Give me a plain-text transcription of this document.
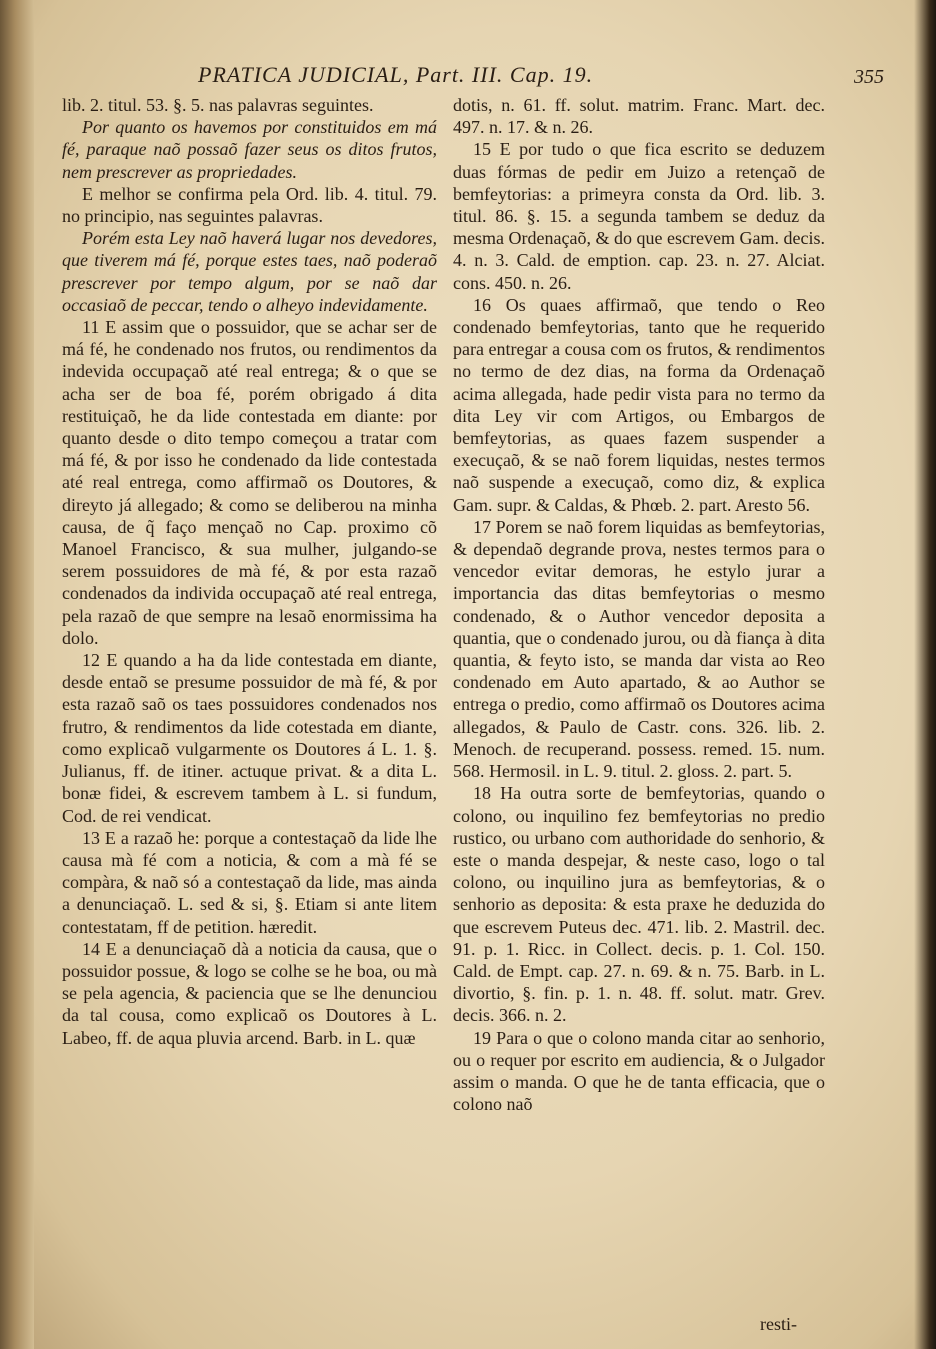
PRATICA JUDICIAL, Part. III. Cap. 19.	355

lib. 2. titul. 53. §. 5. nas palavras seguintes.

Por quanto os havemos por constituidos em má fé, paraque naõ possaõ fazer seus os ditos frutos, nem prescrever as propriedades.

E melhor se confirma pela Ord. lib. 4. titul. 79. no principio, nas seguintes palavras.

Porém esta Ley naõ haverá lugar nos devedores, que tiverem má fé, porque estes taes, naõ poderaõ prescrever por tempo algum, por se naõ dar occasiaõ de peccar, tendo o alheyo indevidamente.

11 E assim que o possuidor, que se achar ser de má fé, he condenado nos frutos, ou rendimentos da indevida occupaçaõ até real entrega; & o que se acha ser de boa fé, porém obrigado á dita restituiçaõ, he da lide contestada em diante: por quanto desde o dito tempo começou a tratar com má fé, & por isso he condenado da lide contestada até real entrega, como affirmaõ os Doutores, & direyto já allegado; & como se deliberou na minha causa, de q̃ faço mençaõ no Cap. proximo cõ Manoel Francisco, & sua mulher, julgando-se serem possuidores de mà fé, & por esta razaõ condenados da individa occupaçaõ até real entrega, pela razaõ de que sempre na lesaõ enormissima ha dolo.

12 E quando a ha da lide contestada em diante, desde entaõ se presume possuidor de mà fé, & por esta razaõ saõ os taes possuidores condenados nos frutro, & rendimentos da lide cotestada em diante, como explicaõ vulgarmente os Doutores á L. 1. §. Julianus, ff. de itiner. actuque privat. & a dita L. bonæ fidei, & escrevem tambem à L. si fundum, Cod. de rei vendicat.

13 E a razaõ he: porque a contestaçaõ da lide lhe causa mà fé com a noticia, & com a mà fé se compàra, & naõ só a contestaçaõ da lide, mas ainda a denunciaçaõ. L. sed & si, §. Etiam si ante litem contestatam, ff de petition. hæredit.

14 E a denunciaçaõ dà a noticia da causa, que o possuidor possue, & logo se colhe se he boa, ou mà se pela agencia, & paciencia que se lhe denunciou da tal cousa, como explicaõ os Doutores à L. Labeo, ff. de aqua pluvia arcend. Barb. in L. quæ

dotis, n. 61. ff. solut. matrim. Franc. Mart. dec. 497. n. 17. & n. 26.

15 E por tudo o que fica escrito se deduzem duas fórmas de pedir em Juizo a retençaõ de bemfeytorias: a primeyra consta da Ord. lib. 3. titul. 86. §. 15. a segunda tambem se deduz da mesma Ordenaçaõ, & do que escrevem Gam. decis. 4. n. 3. Cald. de emption. cap. 23. n. 27. Alciat. cons. 450. n. 26.

16 Os quaes affirmaõ, que tendo o Reo condenado bemfeytorias, tanto que he requerido para entregar a cousa com os frutos, & rendimentos no termo de dez dias, na forma da Ordenaçaõ acima allegada, hade pedir vista para no termo da dita Ley vir com Artigos, ou Embargos de bemfeytorias, as quaes fazem suspender a execuçaõ, & se naõ forem liquidas, nestes termos naõ suspende a execuçaõ, como diz, & explica Gam. supr. & Caldas, & Phœb. 2. part. Aresto 56.

17 Porem se naõ forem liquidas as bemfeytorias, & dependaõ degrande prova, nestes termos para o vencedor evitar demoras, he estylo jurar a importancia das ditas bemfeytorias o mesmo condenado, & o Author vencedor deposita a quantia, que o condenado jurou, ou dà fiança à dita quantia, & feyto isto, se manda dar vista ao Reo condenado em Auto apartado, & ao Author se entrega o predio, como affirmaõ os Doutores acima allegados, & Paulo de Castr. cons. 326. lib. 2. Menoch. de recuperand. possess. remed. 15. num. 568. Hermosil. in L. 9. titul. 2. gloss. 2. part. 5.

18 Ha outra sorte de bemfeytorias, quando o colono, ou inquilino fez bemfeytorias no predio rustico, ou urbano com authoridade do senhorio, & este o manda despejar, & neste caso, logo o tal colono, ou inquilino jura as bemfeytorias, & o senhorio as deposita: & esta praxe he deduzida do que escrevem Puteus dec. 471. lib. 2. Mastril. dec. 91. p. 1. Ricc. in Collect. decis. p. 1. Col. 150. Cald. de Empt. cap. 27. n. 69. & n. 75. Barb. in L. divortio, §. fin. p. 1. n. 48. ff. solut. matr. Grev. decis. 366. n. 2.

19 Para o que o colono manda citar ao senhorio, ou o requer por escrito em audiencia, & o Julgador assim o manda. O que he de tanta efficacia, que o colono naõ

resti-
